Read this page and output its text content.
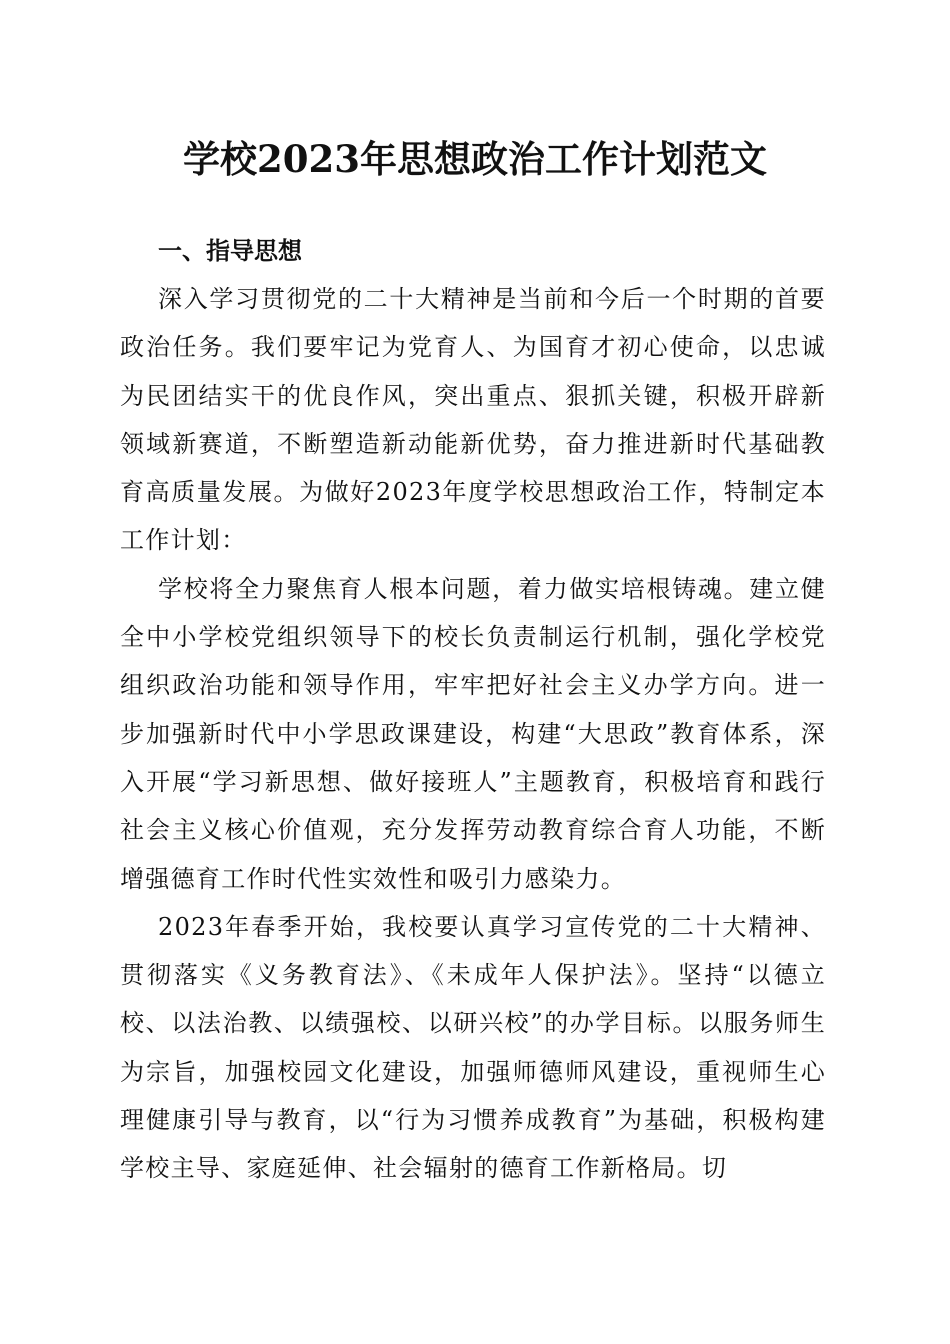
学校2023年思想政治工作计划范文

一、指导思想

深入学习贯彻党的二十大精神是当前和今后一个时期的首要政治任务。我们要牢记为党育人、为国育才初心使命，以忠诚为民团结实干的优良作风，突出重点、狠抓关键，积极开辟新领域新赛道，不断塑造新动能新优势，奋力推进新时代基础教育高质量发展。为做好2023年度学校思想政治工作，特制定本工作计划：

学校将全力聚焦育人根本问题，着力做实培根铸魂。建立健全中小学校党组织领导下的校长负责制运行机制，强化学校党组织政治功能和领导作用，牢牢把好社会主义办学方向。进一步加强新时代中小学思政课建设，构建“大思政”教育体系，深入开展“学习新思想、做好接班人”主题教育，积极培育和践行社会主义核心价值观，充分发挥劳动教育综合育人功能，不断增强德育工作时代性实效性和吸引力感染力。

2023年春季开始，我校要认真学习宣传党的二十大精神、贯彻落实《义务教育法》、《未成年人保护法》。坚持“以德立校、以法治教、以绩强校、以研兴校”的办学目标。以服务师生为宗旨，加强校园文化建设，加强师德师风建设，重视师生心理健康引导与教育，以“行为习惯养成教育”为基础，积极构建学校主导、家庭延伸、社会辐射的德育工作新格局。切
